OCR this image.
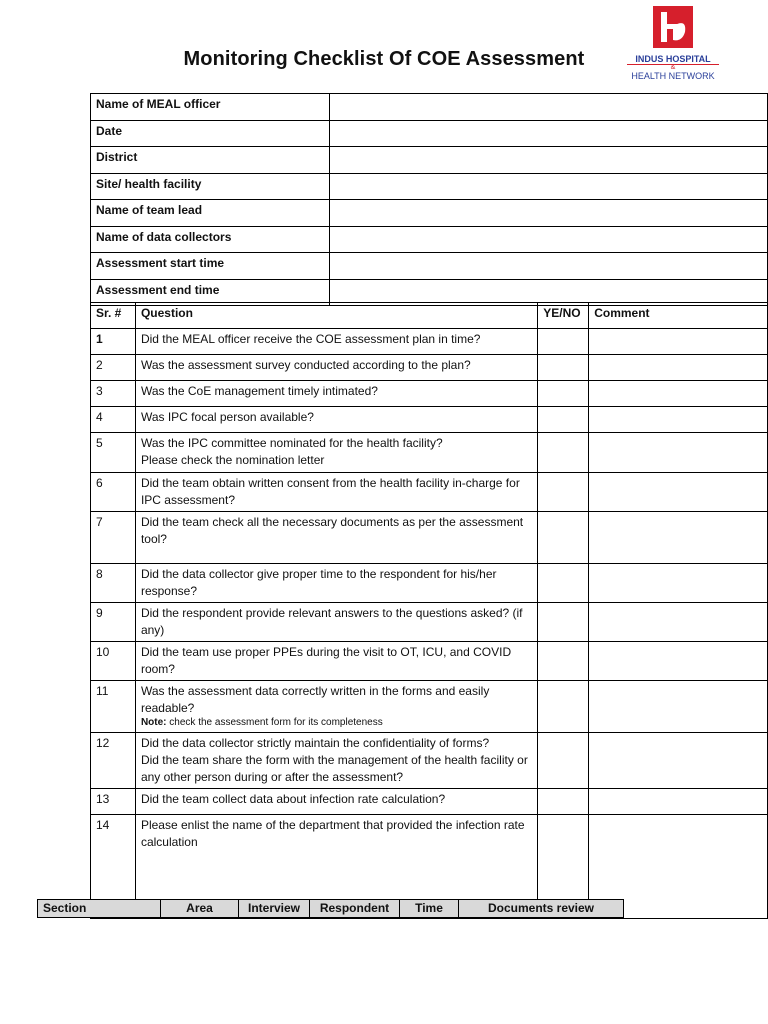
Monitoring Checklist Of COE Assessment	INDUS HOSPITAL
&
HEALTH NETWORK
Name of MEAL officer	
Date	
District	
Site/ health facility	
Name of team lead	
Name of data collectors	
Assessment start time	
Assessment end time	
Sr. #	Question	YE/NO	Comment
1	Did the MEAL officer receive the COE assessment plan in time?		
2	Was the assessment survey conducted according to the plan?		
3	Was the CoE management timely intimated?		
4	Was IPC focal person available?		
5	Was the IPC committee nominated for the health facility?
Please check the nomination letter		

6	Did the team obtain written consent from the health facility in-charge for IPC assessment?		
7	Did the team check all the necessary documents as per the assessment tool?		
8	Did the data collector give proper time to the respondent for his/her response?		
9	Did the respondent provide relevant answers to the questions asked? (if any)		
10	Did the team use proper PPEs during the visit to OT, ICU, and COVID room?		
11	Was the assessment data correctly written in the forms and easily readable?
Note: check the assessment form for its completeness		

12	Did the data collector strictly maintain the confidentiality of forms?
Did the team share the form with the management of the health facility or any other person during or after the assessment?		

13	Did the team collect data about infection rate calculation?		
14	Please enlist the name of the department that provided the infection rate calculation		
Section	Area	Interview	Respondent	Time	Documents review
